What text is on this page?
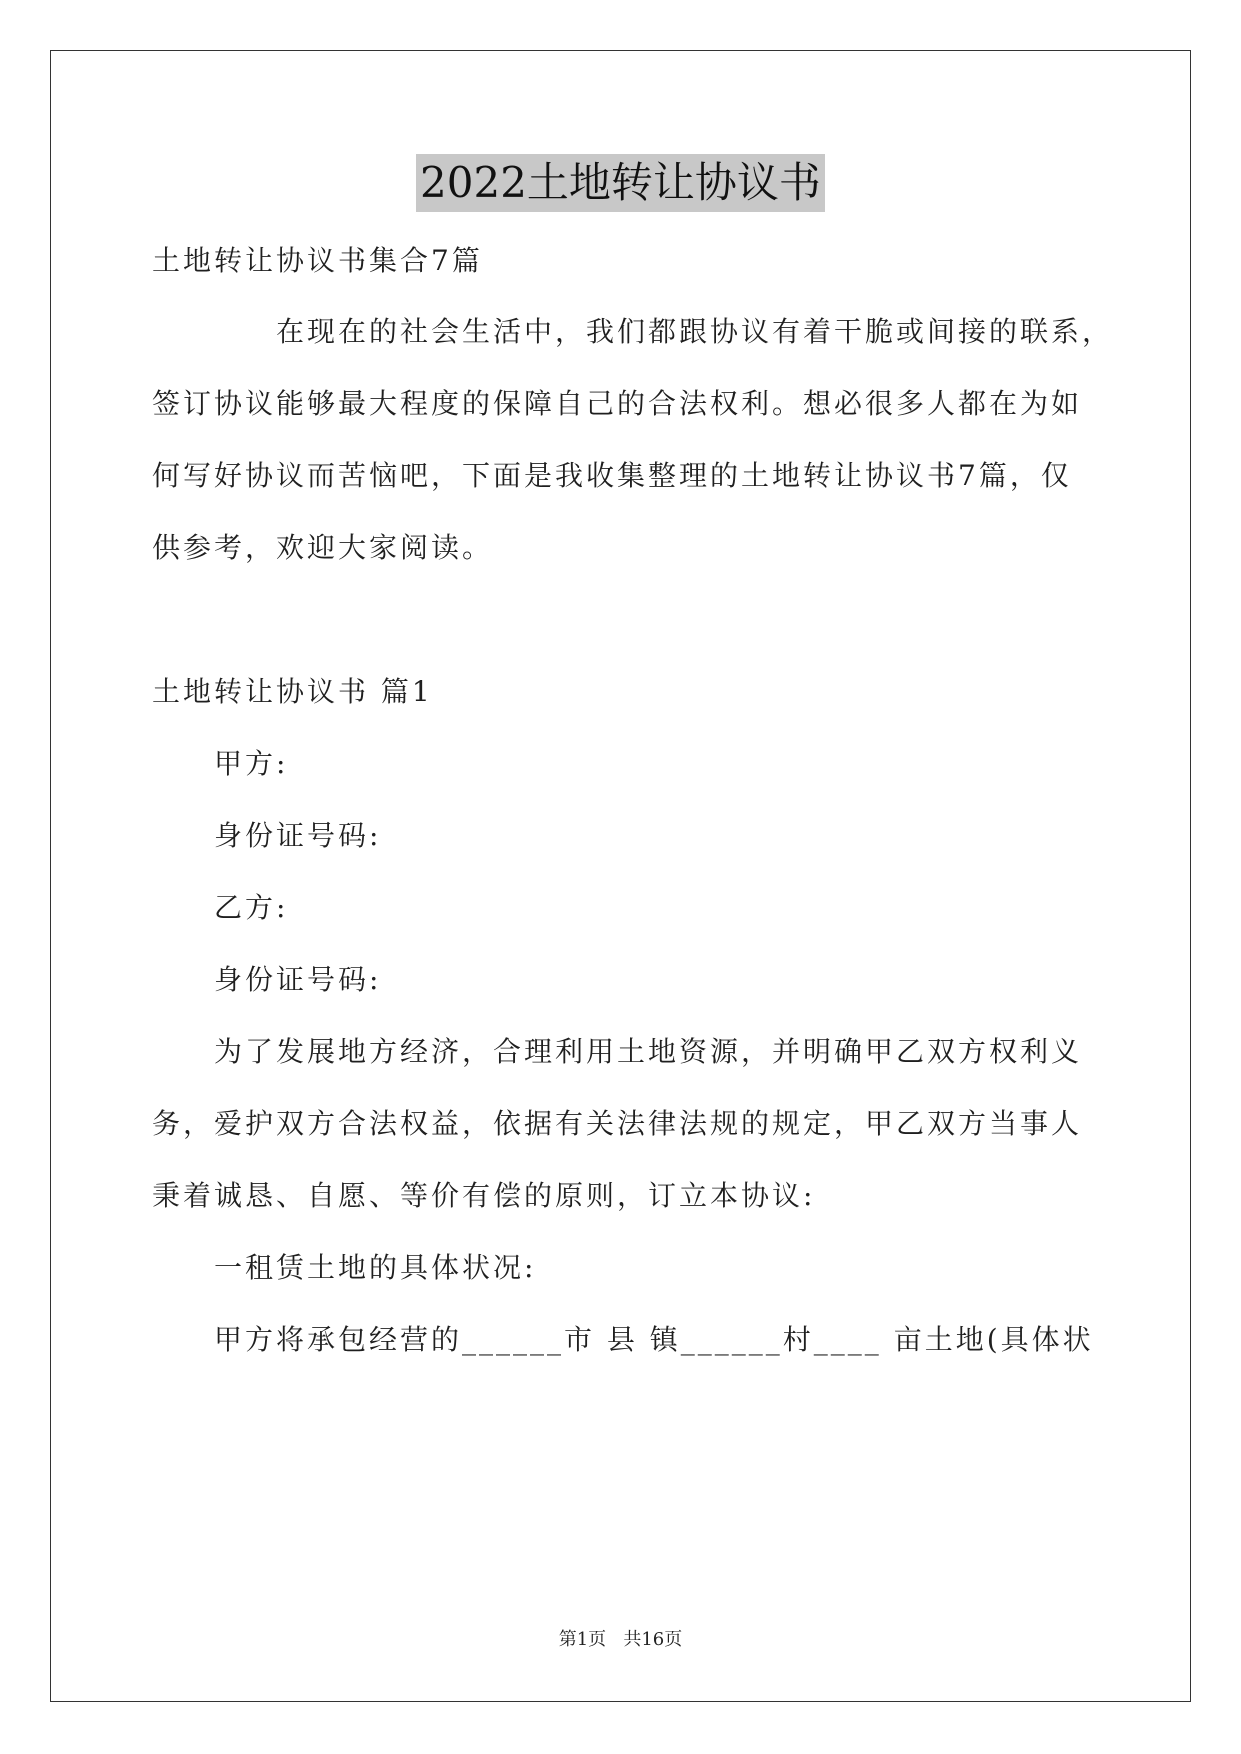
2022土地转让协议书
土地转让协议书集合7篇
在现在的社会生活中，我们都跟协议有着干脆或间接的联系，
签订协议能够最大程度的保障自己的合法权利。想必很多人都在为如
何写好协议而苦恼吧，下面是我收集整理的土地转让协议书7篇，仅
供参考，欢迎大家阅读。
土地转让协议书 篇1
甲方:
身份证号码:
乙方:
身份证号码:
为了发展地方经济，合理利用土地资源，并明确甲乙双方权利义
务，爱护双方合法权益，依据有关法律法规的规定，甲乙双方当事人
秉着诚恳、自愿、等价有偿的原则，订立本协议:
一租赁土地的具体状况:
甲方将承包经营的______市 县 镇______村____ 亩土地(具体状
第1页   共16页
